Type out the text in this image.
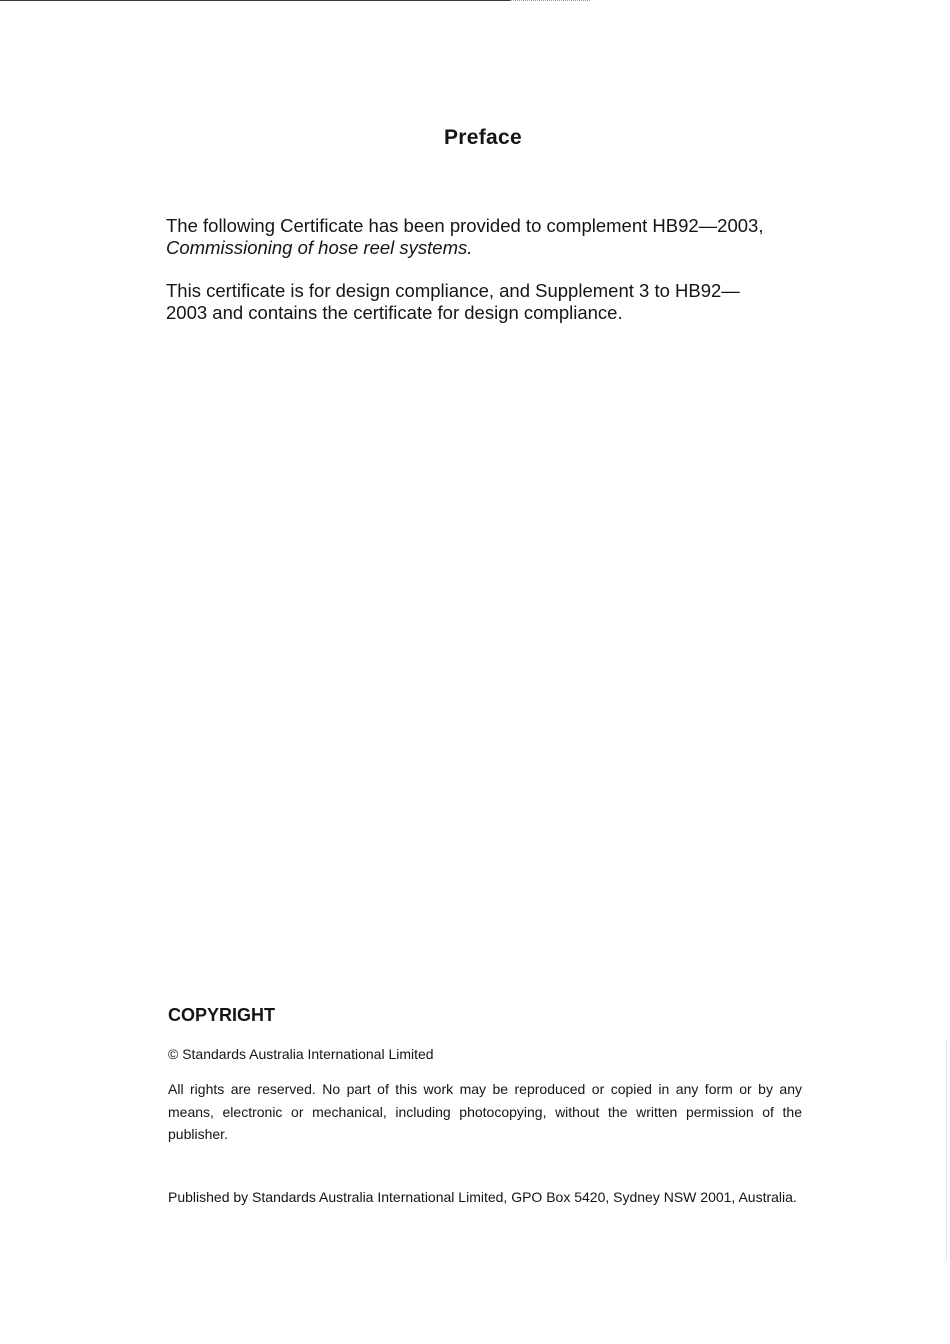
Preface

The following Certificate has been provided to complement HB92—2003, Commissioning of hose reel systems.

This certificate is for design compliance, and Supplement 3 to HB92—2003 and contains the certificate for design compliance.

COPYRIGHT

© Standards Australia International Limited

All rights are reserved. No part of this work may be reproduced or copied in any form or by any means, electronic or mechanical, including photocopying, without the written permission of the publisher.

Published by Standards Australia International Limited, GPO Box 5420, Sydney NSW 2001, Australia.
